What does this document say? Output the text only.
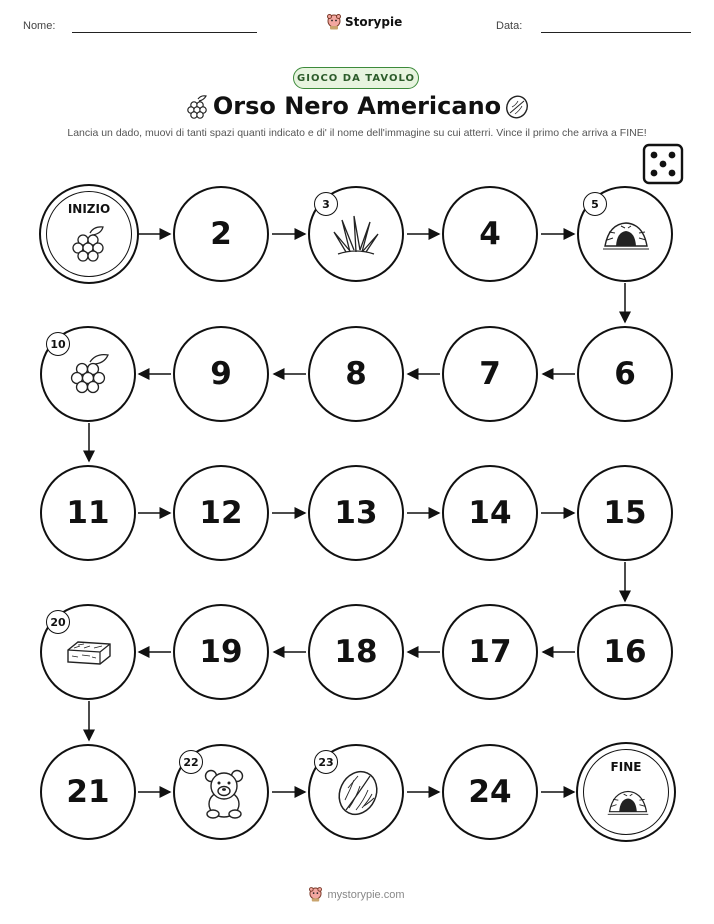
Nome:	Storypie	Data:
GIOCO DA TAVOLO
Orso Nero Americano
Lancia un dado, muovi di tanti spazi quanti indicato e di' il nome dell'immagine su cui atterri. Vince il primo che arriva a FINE!
INIZIO
2
3
4
5
6
7
8
9
10
11	12	13	14	15
16
17
18
19
20
21
22	23
24
FINE
mystorypie.com
